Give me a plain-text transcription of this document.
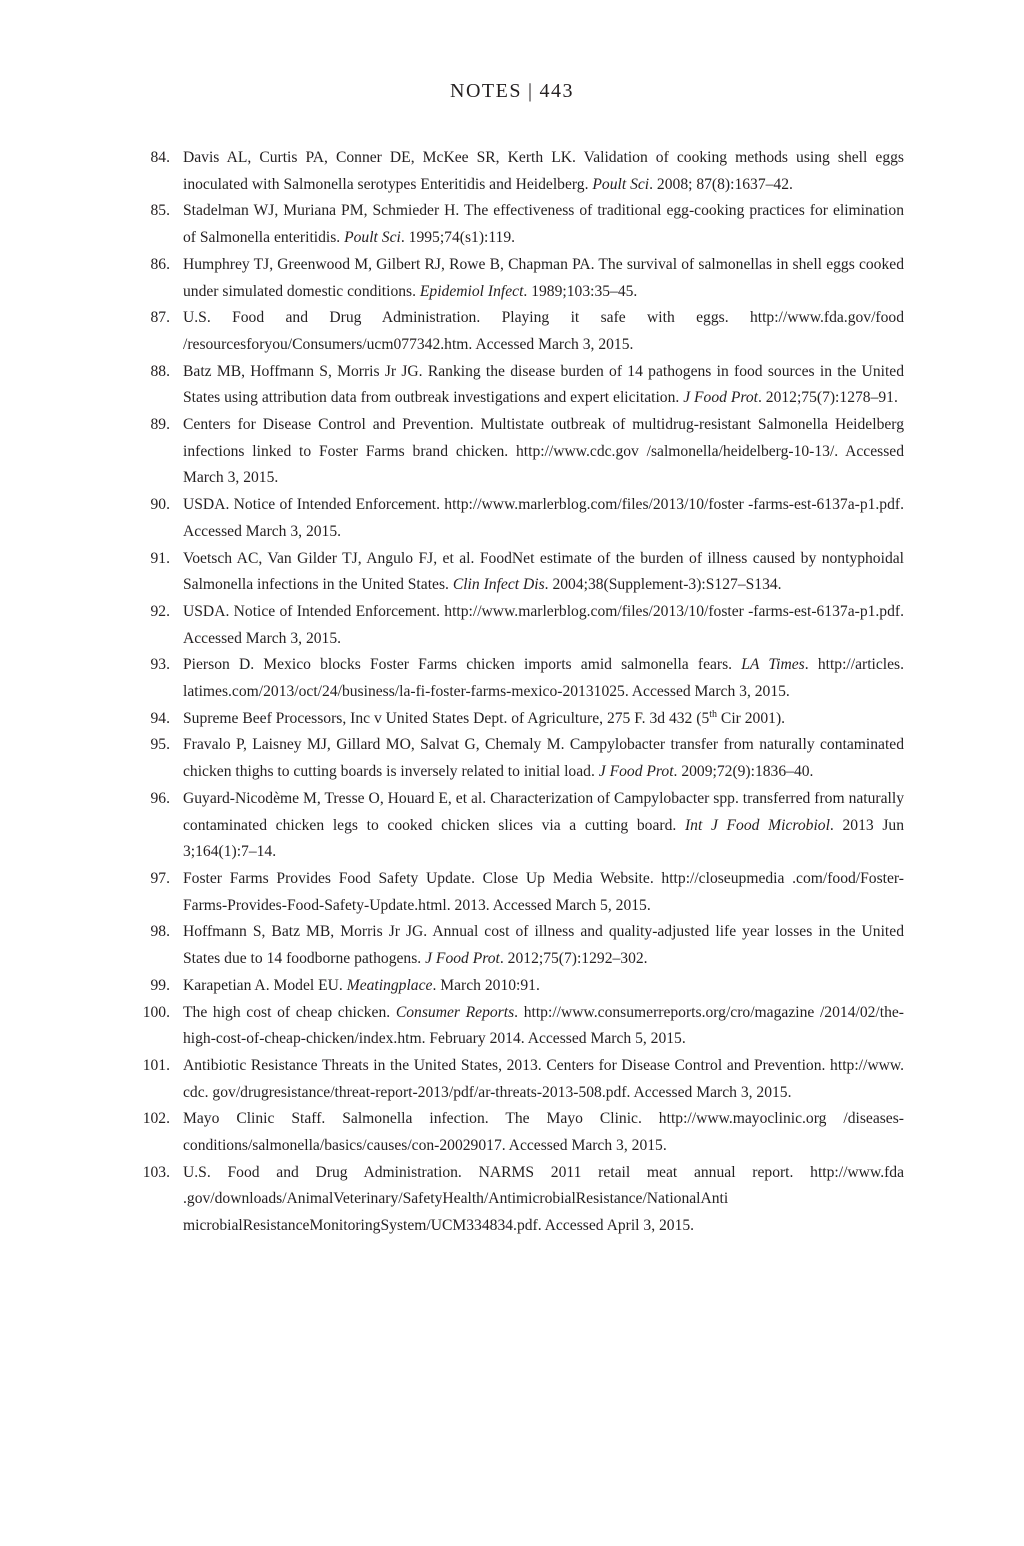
NOTES | 443
84. Davis AL, Curtis PA, Conner DE, McKee SR, Kerth LK. Validation of cooking methods using shell eggs inoculated with Salmonella serotypes Enteritidis and Heidelberg. Poult Sci. 2008; 87(8):1637–42.
85. Stadelman WJ, Muriana PM, Schmieder H. The effectiveness of traditional egg-cooking practices for elimination of Salmonella enteritidis. Poult Sci. 1995;74(s1):119.
86. Humphrey TJ, Greenwood M, Gilbert RJ, Rowe B, Chapman PA. The survival of salmonellas in shell eggs cooked under simulated domestic conditions. Epidemiol Infect. 1989;103:35–45.
87. U.S. Food and Drug Administration. Playing it safe with eggs. http://www.fda.gov/food /resourcesforyou/Consumers/ucm077342.htm. Accessed March 3, 2015.
88. Batz MB, Hoffmann S, Morris Jr JG. Ranking the disease burden of 14 pathogens in food sources in the United States using attribution data from outbreak investigations and expert elicitation. J Food Prot. 2012;75(7):1278–91.
89. Centers for Disease Control and Prevention. Multistate outbreak of multidrug-resistant Salmonella Heidelberg infections linked to Foster Farms brand chicken. http://www.cdc.gov /salmonella/heidelberg-10-13/. Accessed March 3, 2015.
90. USDA. Notice of Intended Enforcement. http://www.marlerblog.com/files/2013/10/foster -farms-est-6137a-p1.pdf. Accessed March 3, 2015.
91. Voetsch AC, Van Gilder TJ, Angulo FJ, et al. FoodNet estimate of the burden of illness caused by nontyphoidal Salmonella infections in the United States. Clin Infect Dis. 2004;38(Supplement-3):S127–S134.
92. USDA. Notice of Intended Enforcement. http://www.marlerblog.com/files/2013/10/foster -farms-est-6137a-p1.pdf. Accessed March 3, 2015.
93. Pierson D. Mexico blocks Foster Farms chicken imports amid salmonella fears. LA Times. http://articles. latimes.com/2013/oct/24/business/la-fi-foster-farms-mexico-20131025. Accessed March 3, 2015.
94. Supreme Beef Processors, Inc v United States Dept. of Agriculture, 275 F. 3d 432 (5th Cir 2001).
95. Fravalo P, Laisney MJ, Gillard MO, Salvat G, Chemaly M. Campylobacter transfer from naturally contaminated chicken thighs to cutting boards is inversely related to initial load. J Food Prot. 2009;72(9):1836–40.
96. Guyard-Nicodème M, Tresse O, Houard E, et al. Characterization of Campylobacter spp. transferred from naturally contaminated chicken legs to cooked chicken slices via a cutting board. Int J Food Microbiol. 2013 Jun 3;164(1):7–14.
97. Foster Farms Provides Food Safety Update. Close Up Media Website. http://closeupmedia .com/food/Foster-Farms-Provides-Food-Safety-Update.html. 2013. Accessed March 5, 2015.
98. Hoffmann S, Batz MB, Morris Jr JG. Annual cost of illness and quality-adjusted life year losses in the United States due to 14 foodborne pathogens. J Food Prot. 2012;75(7):1292–302.
99. Karapetian A. Model EU. Meatingplace. March 2010:91.
100. The high cost of cheap chicken. Consumer Reports. http://www.consumerreports.org/cro/magazine /2014/02/the-high-cost-of-cheap-chicken/index.htm. February 2014. Accessed March 5, 2015.
101. Antibiotic Resistance Threats in the United States, 2013. Centers for Disease Control and Prevention. http://www. cdc. gov/drugresistance/threat-report-2013/pdf/ar-threats-2013-508.pdf. Accessed March 3, 2015.
102. Mayo Clinic Staff. Salmonella infection. The Mayo Clinic. http://www.mayoclinic.org /diseases-conditions/salmonella/basics/causes/con-20029017. Accessed March 3, 2015.
103. U.S. Food and Drug Administration. NARMS 2011 retail meat annual report. http://www.fda .gov/downloads/AnimalVeterinary/SafetyHealth/AntimicrobialResistance/NationalAnti microbialResistanceMonitoringSystem/UCM334834.pdf. Accessed April 3, 2015.
